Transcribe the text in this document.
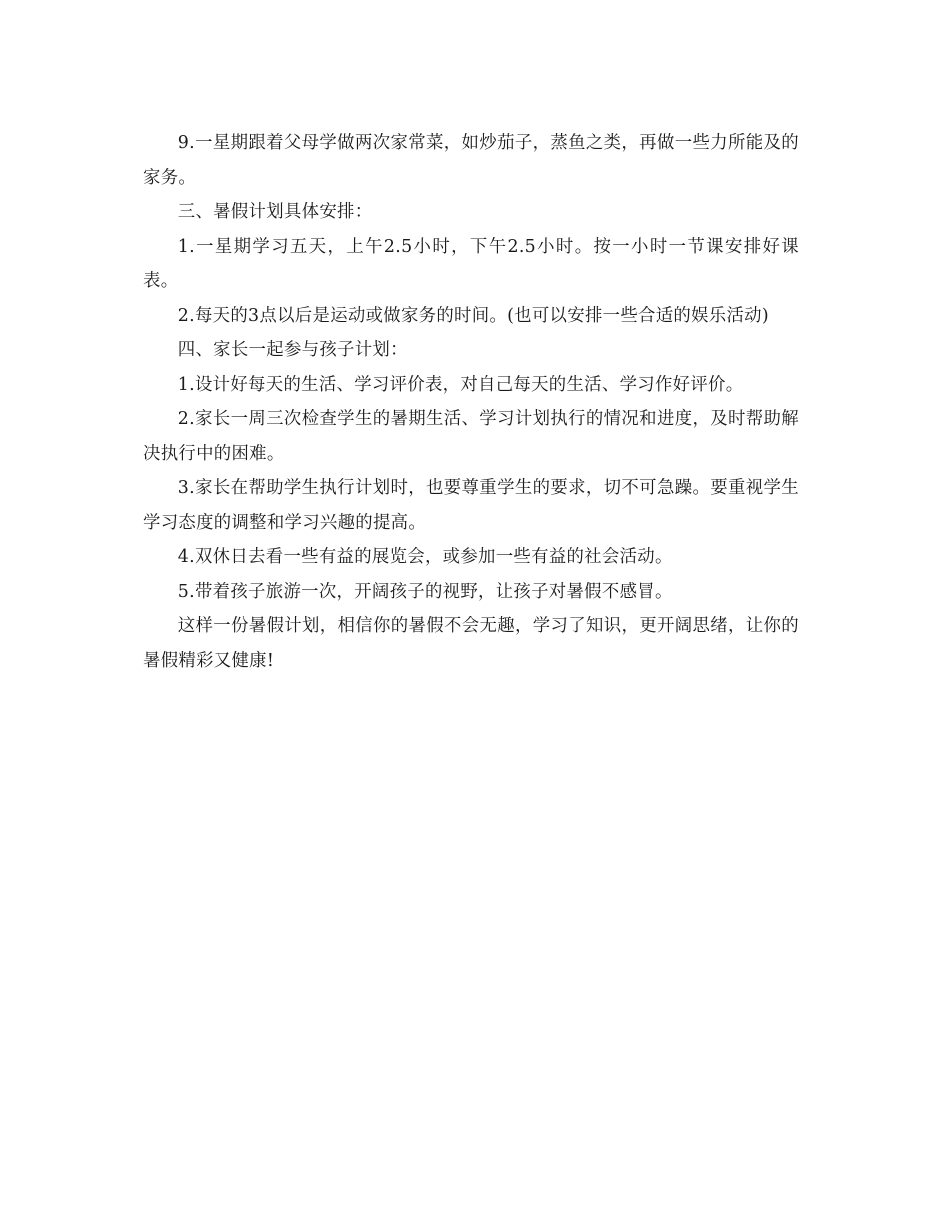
9.一星期跟着父母学做两次家常菜，如炒茄子，蒸鱼之类，再做一些力所能及的家务。

三、暑假计划具体安排：

1.一星期学习五天，上午2.5小时，下午2.5小时。按一小时一节课安排好课表。

2.每天的3点以后是运动或做家务的时间。(也可以安排一些合适的娱乐活动)

四、家长一起参与孩子计划：

1.设计好每天的生活、学习评价表，对自己每天的生活、学习作好评价。

2.家长一周三次检查学生的暑期生活、学习计划执行的情况和进度，及时帮助解决执行中的困难。

3.家长在帮助学生执行计划时，也要尊重学生的要求，切不可急躁。要重视学生学习态度的调整和学习兴趣的提高。

4.双休日去看一些有益的展览会，或参加一些有益的社会活动。

5.带着孩子旅游一次，开阔孩子的视野，让孩子对暑假不感冒。

这样一份暑假计划，相信你的暑假不会无趣，学习了知识，更开阔思绪，让你的暑假精彩又健康!
